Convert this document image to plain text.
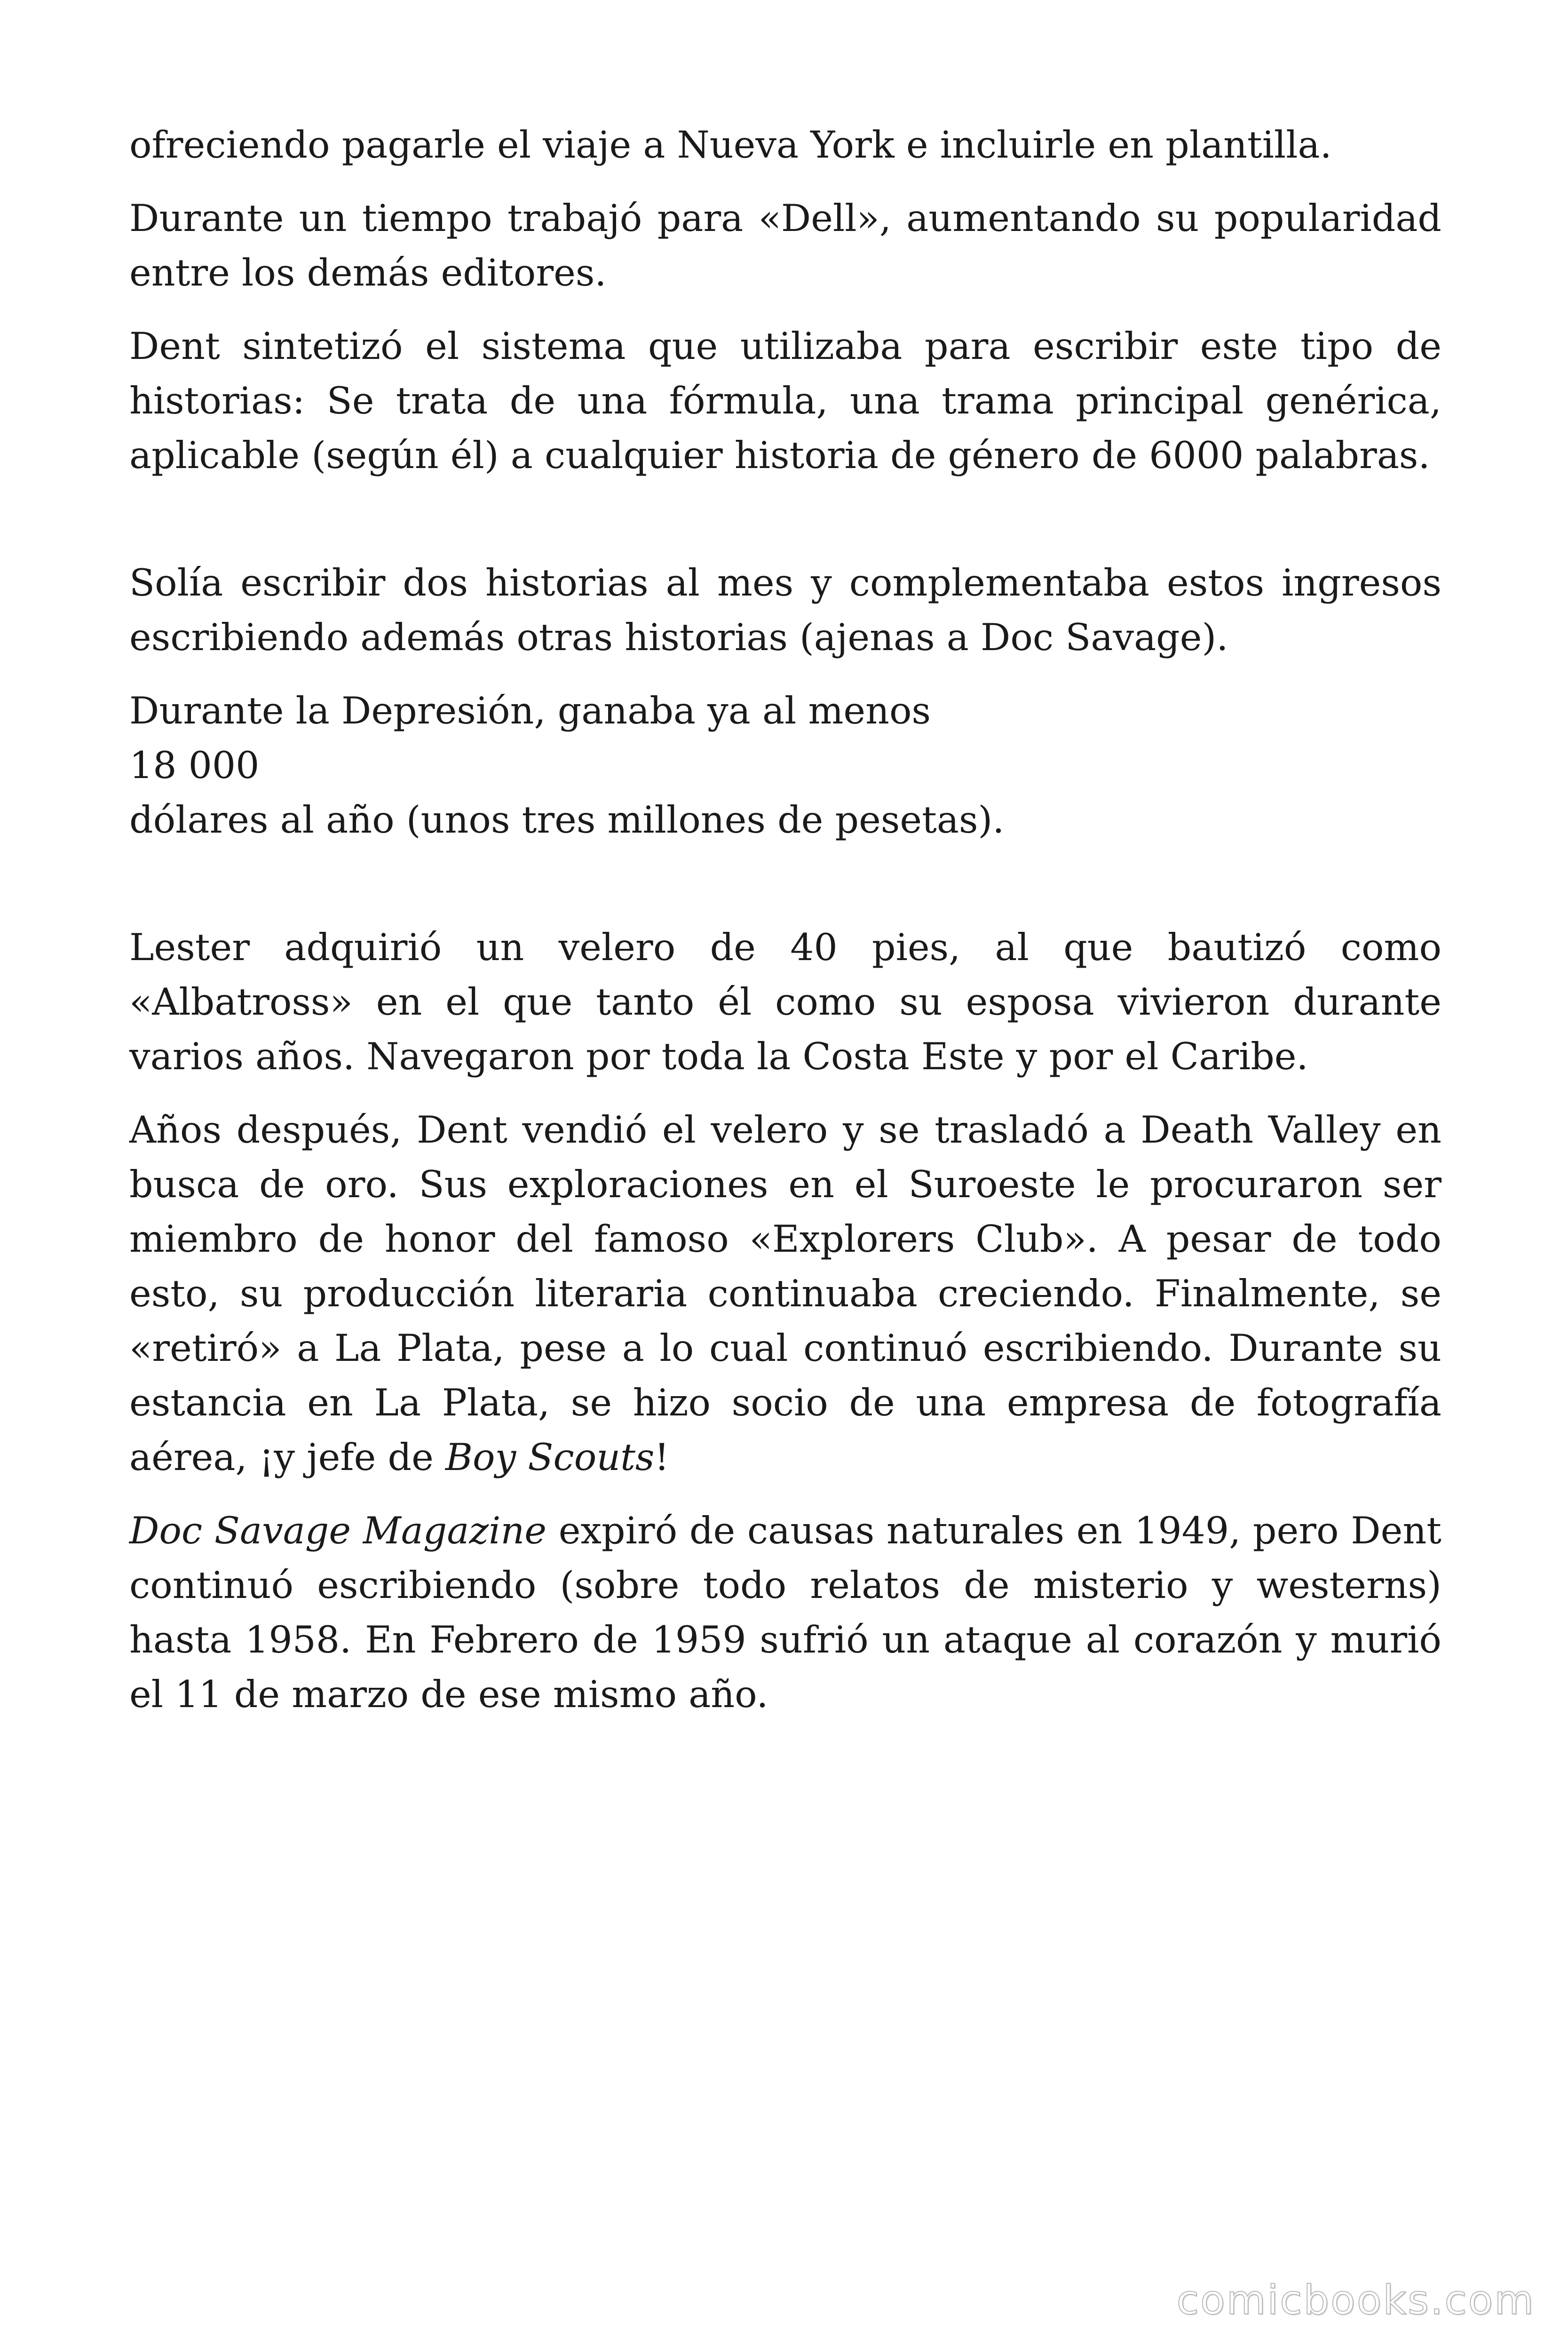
ofreciendo pagarle el viaje a Nueva York e incluirle en plantilla.

Durante un tiempo trabajó para «Dell», aumentando su popularidad entre los demás editores.

Dent sintetizó el sistema que utilizaba para escribir este tipo de historias: Se trata de una fórmula, una trama principal genérica, aplicable (según él) a cualquier historia de género de 6000 palabras.

Solía escribir dos historias al mes y complementaba estos ingresos escribiendo además otras historias (ajenas a Doc Savage).

Durante la Depresión, ganaba ya al menos
18 000
dólares al año (unos tres millones de pesetas).

Lester adquirió un velero de 40 pies, al que bautizó como «Albatross» en el que tanto él como su esposa vivieron durante varios años. Navegaron por toda la Costa Este y por el Caribe.

Años después, Dent vendió el velero y se trasladó a Death Valley en busca de oro. Sus exploraciones en el Suroeste le procuraron ser miembro de honor del famoso «Explorers Club». A pesar de todo esto, su producción literaria continuaba creciendo. Finalmente, se «retiró» a La Plata, pese a lo cual continuó escribiendo. Durante su estancia en La Plata, se hizo socio de una empresa de fotografía aérea, ¡y jefe de Boy Scouts!

Doc Savage Magazine expiró de causas naturales en 1949, pero Dent continuó escribiendo (sobre todo relatos de misterio y westerns) hasta 1958. En Febrero de 1959 sufrió un ataque al corazón y murió el 11 de marzo de ese mismo año.

comicbooks.com
